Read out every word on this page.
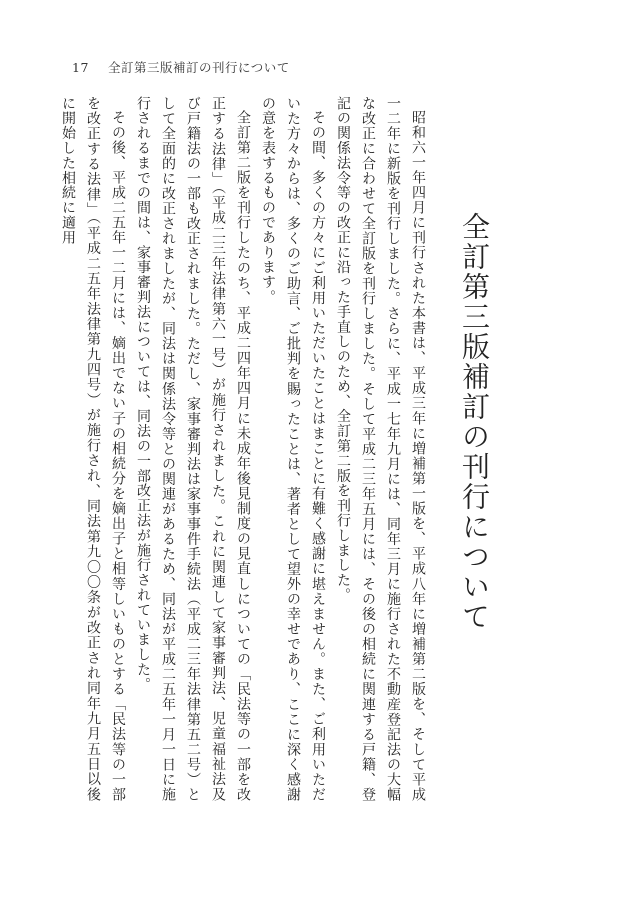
17 全訂第三版補訂の刊行について
全訂第三版補訂の刊行について

昭和六一年四月に刊行された本書は、平成三年に増補第一版を、平成八年に増補第二版を、そして平成一二年に新版を刊行しました。さらに、平成一七年九月には、同年三月に施行された不動産登記法の大幅な改正に合わせて全訂版を刊行しました。そして平成二三年五月には、その後の相続に関連する戸籍、登記の関係法令等の改正に沿った手直しのため、全訂第二版を刊行しました。

その間、多くの方々にご利用いただいたことはまことに有難く感謝に堪えません。また、ご利用いただいた方々からは、多くのご助言、ご批判を賜ったことは、著者として望外の幸せであり、ここに深く感謝の意を表するものであります。

全訂第二版を刊行したのち、平成二四年四月に未成年後見制度の見直しについての「民法等の一部を改正する法律」（平成二三年法律第六一号）が施行されました。これに関連して家事審判法、児童福祉法及び戸籍法の一部も改正されました。ただし、家事審判法は家事事件手続法（平成二三年法律第五二号）として全面的に改正されましたが、同法は関係法令等との関連があるため、同法が平成二五年一月一日に施行されるまでの間は、家事審判法については、同法の一部改正法が施行されていました。

その後、平成二五年一二月には、嫡出でない子の相続分を嫡出子と相等しいものとする「民法等の一部を改正する法律」（平成二五年法律第九四号）が施行され、同法第九〇〇条が改正され同年九月五日以後に開始した相続に適用
